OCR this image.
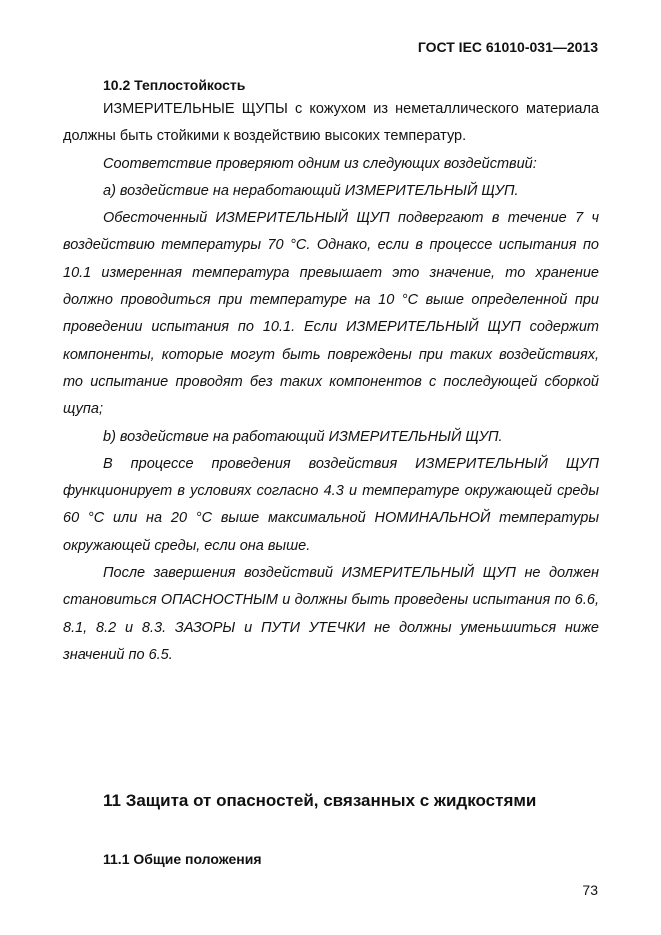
ГОСТ IEC 61010-031—2013
10.2 Теплостойкость

ИЗМЕРИТЕЛЬНЫЕ ЩУПЫ с кожухом из неметаллического материала должны быть стойкими к воздействию высоких температур.

Соответствие проверяют одним из следующих воздействий:

а) воздействие на неработающий ИЗМЕРИТЕЛЬНЫЙ ЩУП.

Обесточенный ИЗМЕРИТЕЛЬНЫЙ ЩУП подвергают в течение 7 ч воздействию температуры 70 °С. Однако, если в процессе испытания по 10.1 измеренная температура превышает это значение, то хранение должно проводиться при температуре на 10 °С выше определенной при проведении испытания по 10.1. Если ИЗМЕРИТЕЛЬНЫЙ ЩУП содержит компоненты, которые могут быть повреждены при таких воздействиях, то испытание проводят без таких компонентов с последующей сборкой щупа;

b) воздействие на работающий ИЗМЕРИТЕЛЬНЫЙ ЩУП.

В процессе проведения воздействия ИЗМЕРИТЕЛЬНЫЙ ЩУП функционирует в условиях согласно 4.3 и температуре окружающей среды 60 °С или на 20 °С выше максимальной НОМИНАЛЬНОЙ температуры окружающей среды, если она выше.

После завершения воздействий ИЗМЕРИТЕЛЬНЫЙ ЩУП не должен становиться ОПАСНОСТНЫМ и должны быть проведены испытания по 6.6, 8.1, 8.2 и 8.3. ЗАЗОРЫ и ПУТИ УТЕЧКИ не должны уменьшиться ниже значений по 6.5.

11 Защита от опасностей, связанных с жидкостями
11.1 Общие положения
73
